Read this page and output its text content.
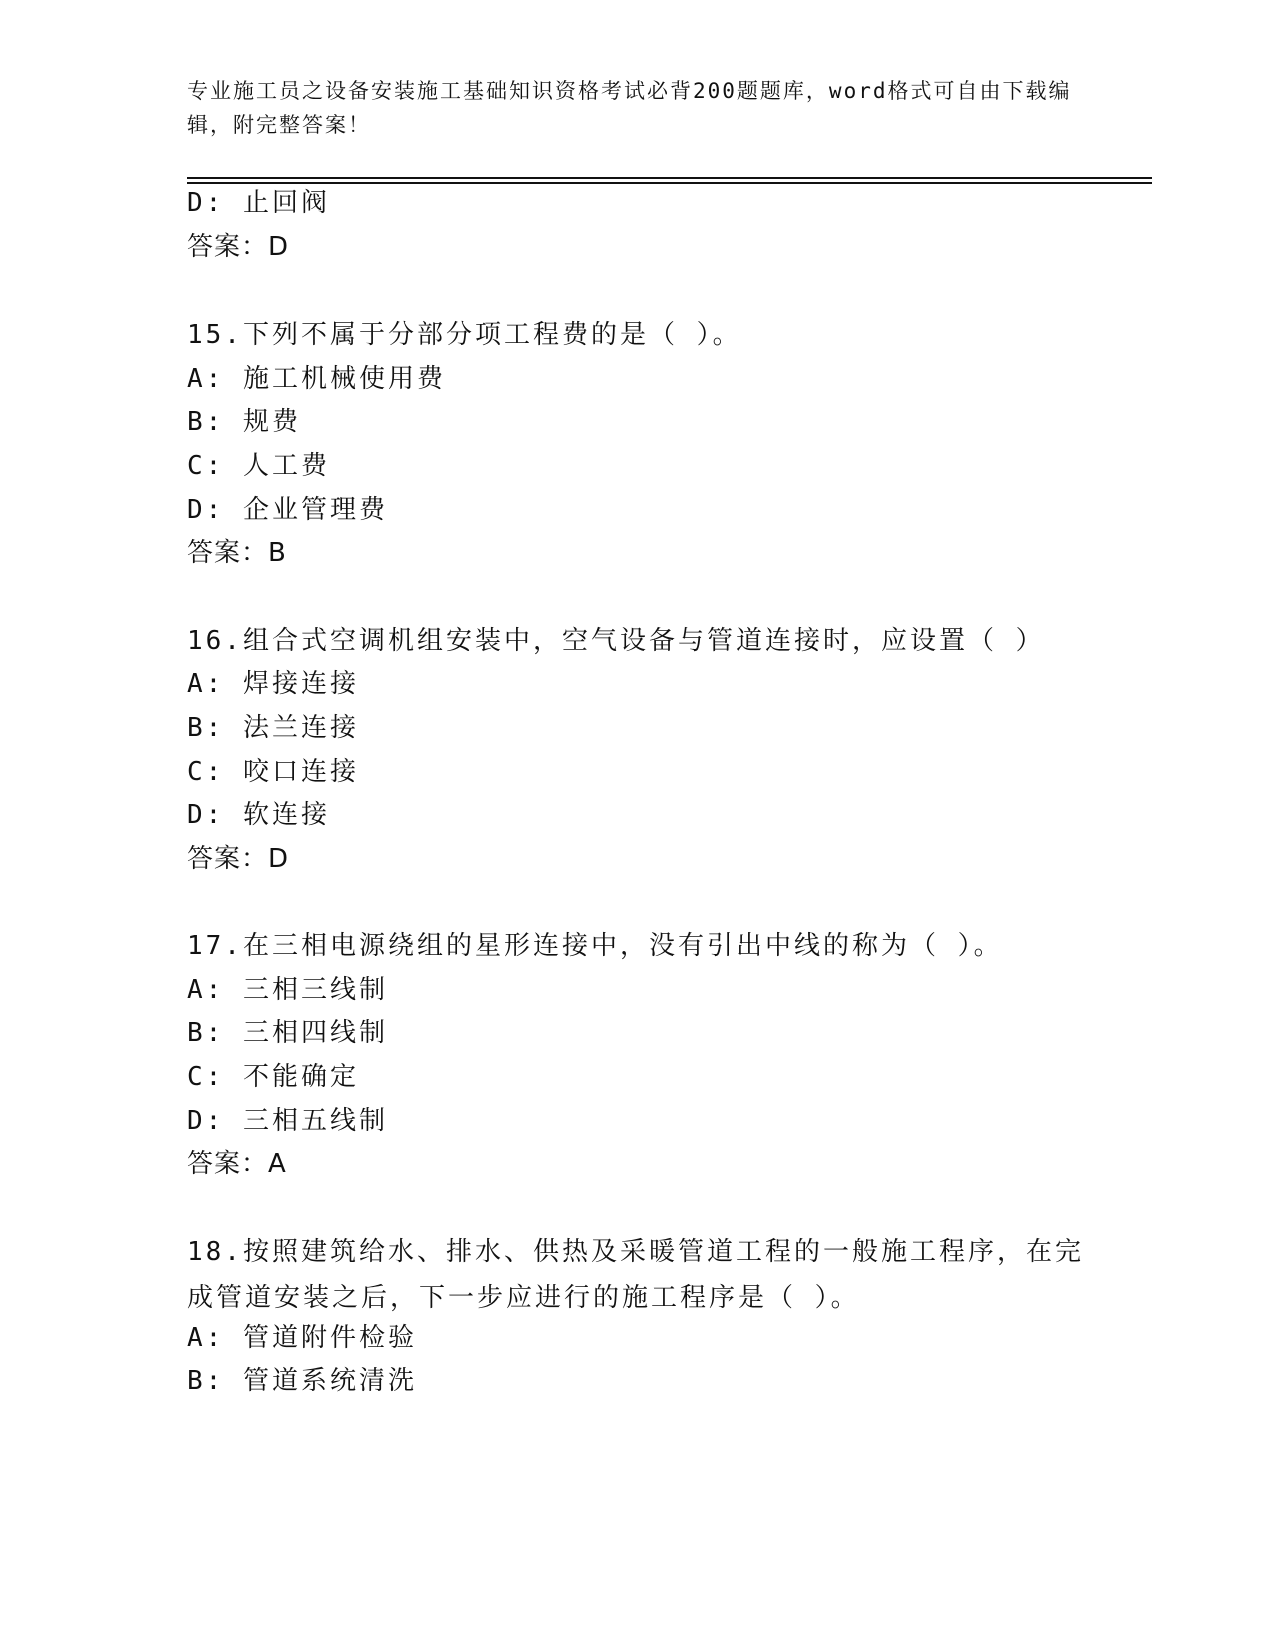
专业施工员之设备安装施工基础知识资格考试必背200题题库，word格式可自由下载编辑，附完整答案！
D: 止回阀
答案：D
15.下列不属于分部分项工程费的是（ ）。
A: 施工机械使用费
B: 规费
C: 人工费
D: 企业管理费
答案：B
16.组合式空调机组安装中，空气设备与管道连接时，应设置（ ）
A: 焊接连接
B: 法兰连接
C: 咬口连接
D: 软连接
答案：D
17.在三相电源绕组的星形连接中，没有引出中线的称为（ ）。
A: 三相三线制
B: 三相四线制
C: 不能确定
D: 三相五线制
答案：A
18.按照建筑给水、排水、供热及采暖管道工程的一般施工程序，在完成管道安装之后，下一步应进行的施工程序是（ ）。
A: 管道附件检验
B: 管道系统清洗
